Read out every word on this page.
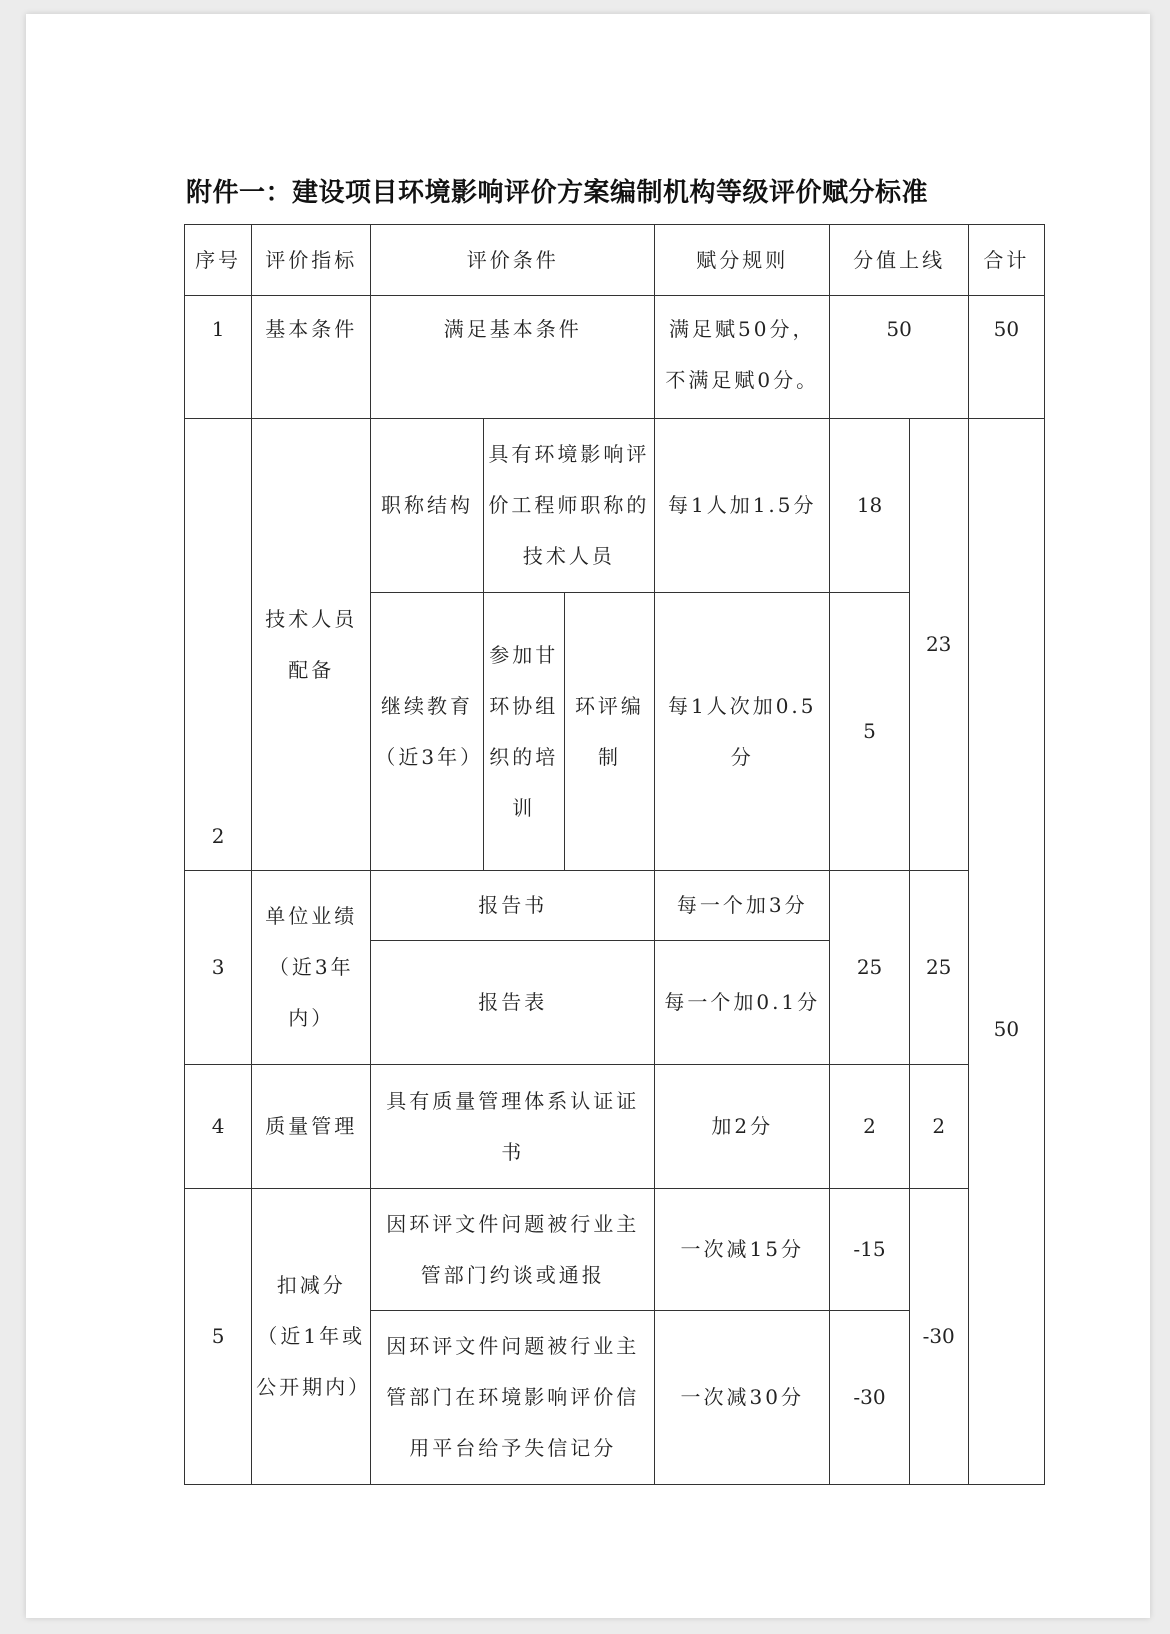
附件一：建设项目环境影响评价方案编制机构等级评价赋分标准
序号	评价指标	评价条件			赋分规则	分值上线		合计
1	基本条件	满足基本条件			满足赋50分，不满足赋0分。	50		50
2	技术人员配备	职称结构	具有环境影响评价工程师职称的技术人员		每1人加1.5分	18	23	
		继续教育（近3年）	参加甘环协组织的培训	环评编制	每1人次加0.5分	5		
3	单位业绩（近3年内）	报告书			每一个加3分	25	25	50
		报告表			每一个加0.1分			
4	质量管理	具有质量管理体系认证证书			加2分	2	2	
5	扣减分（近1年或公开期内）	因环评文件问题被行业主管部门约谈或通报			一次减15分	-15	-30	
		因环评文件问题被行业主管部门在环境影响评价信用平台给予失信记分			一次减30分	-30		
